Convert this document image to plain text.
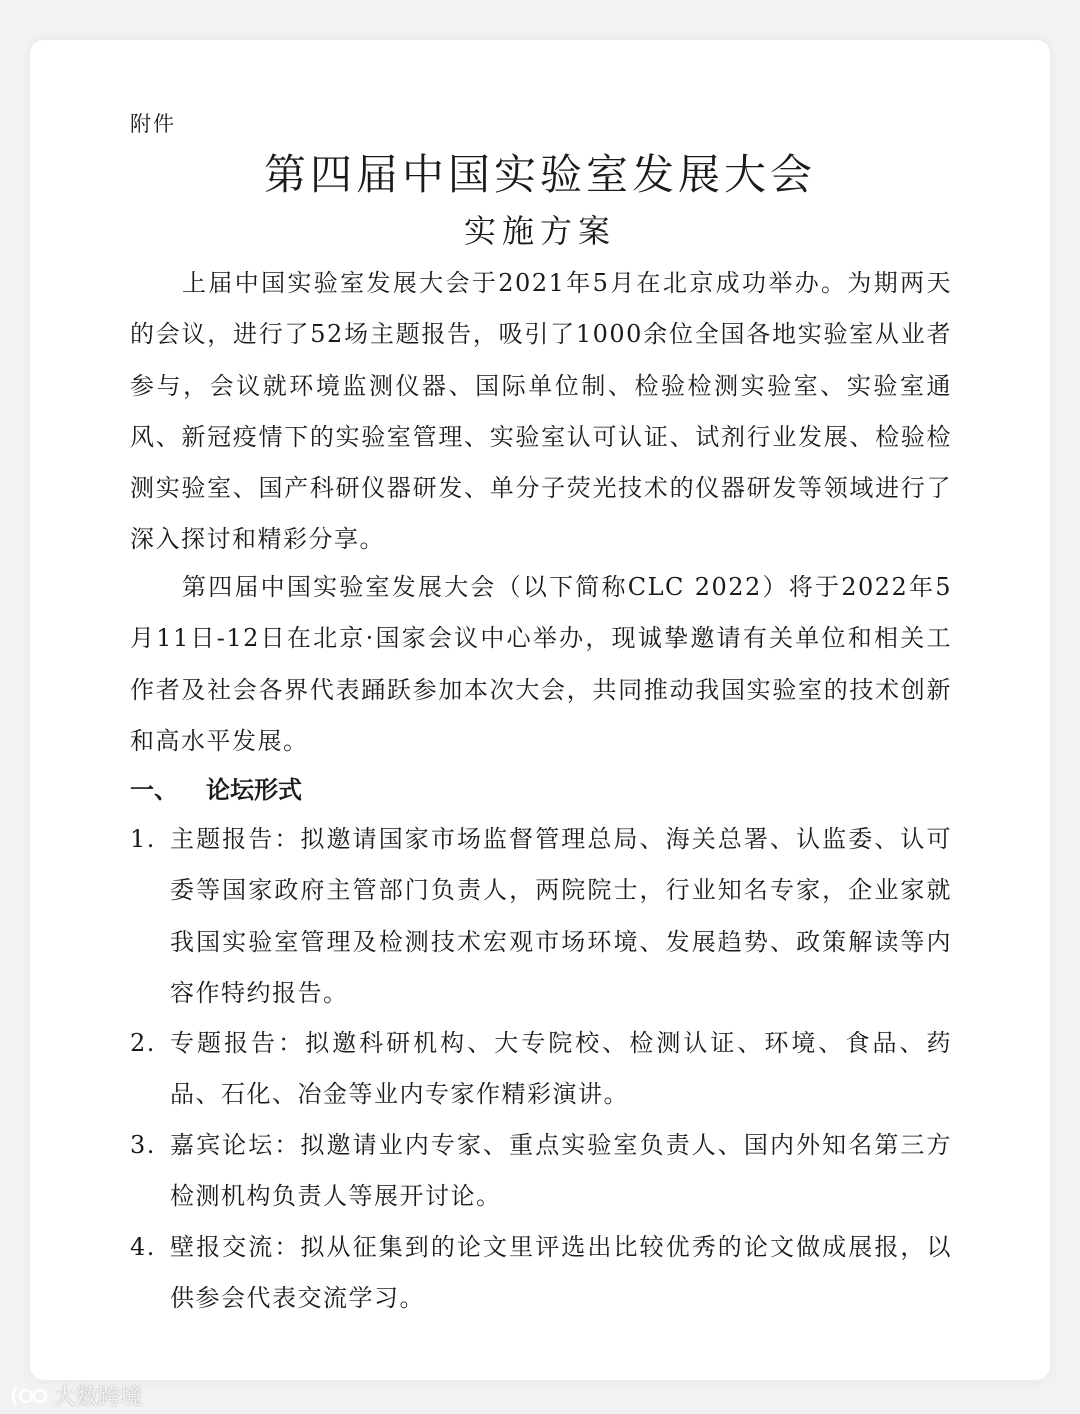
附件
第四届中国实验室发展大会
实施方案

上届中国实验室发展大会于2021年5月在北京成功举办。为期两天的会议，进行了52场主题报告，吸引了1000余位全国各地实验室从业者参与，会议就环境监测仪器、国际单位制、检验检测实验室、实验室通风、新冠疫情下的实验室管理、实验室认可认证、试剂行业发展、检验检测实验室、国产科研仪器研发、单分子荧光技术的仪器研发等领域进行了深入探讨和精彩分享。

第四届中国实验室发展大会（以下简称CLC 2022）将于2022年5月11日-12日在北京·国家会议中心举办，现诚挚邀请有关单位和相关工作者及社会各界代表踊跃参加本次大会，共同推动我国实验室的技术创新和高水平发展。

一、 论坛形式
1. 主题报告：拟邀请国家市场监督管理总局、海关总署、认监委、认可委等国家政府主管部门负责人，两院院士，行业知名专家，企业家就我国实验室管理及检测技术宏观市场环境、发展趋势、政策解读等内容作特约报告。
2. 专题报告：拟邀科研机构、大专院校、检测认证、环境、食品、药品、石化、冶金等业内专家作精彩演讲。
3. 嘉宾论坛：拟邀请业内专家、重点实验室负责人、国内外知名第三方检测机构负责人等展开讨论。
4. 壁报交流：拟从征集到的论文里评选出比较优秀的论文做成展报，以供参会代表交流学习。
大数跨境
